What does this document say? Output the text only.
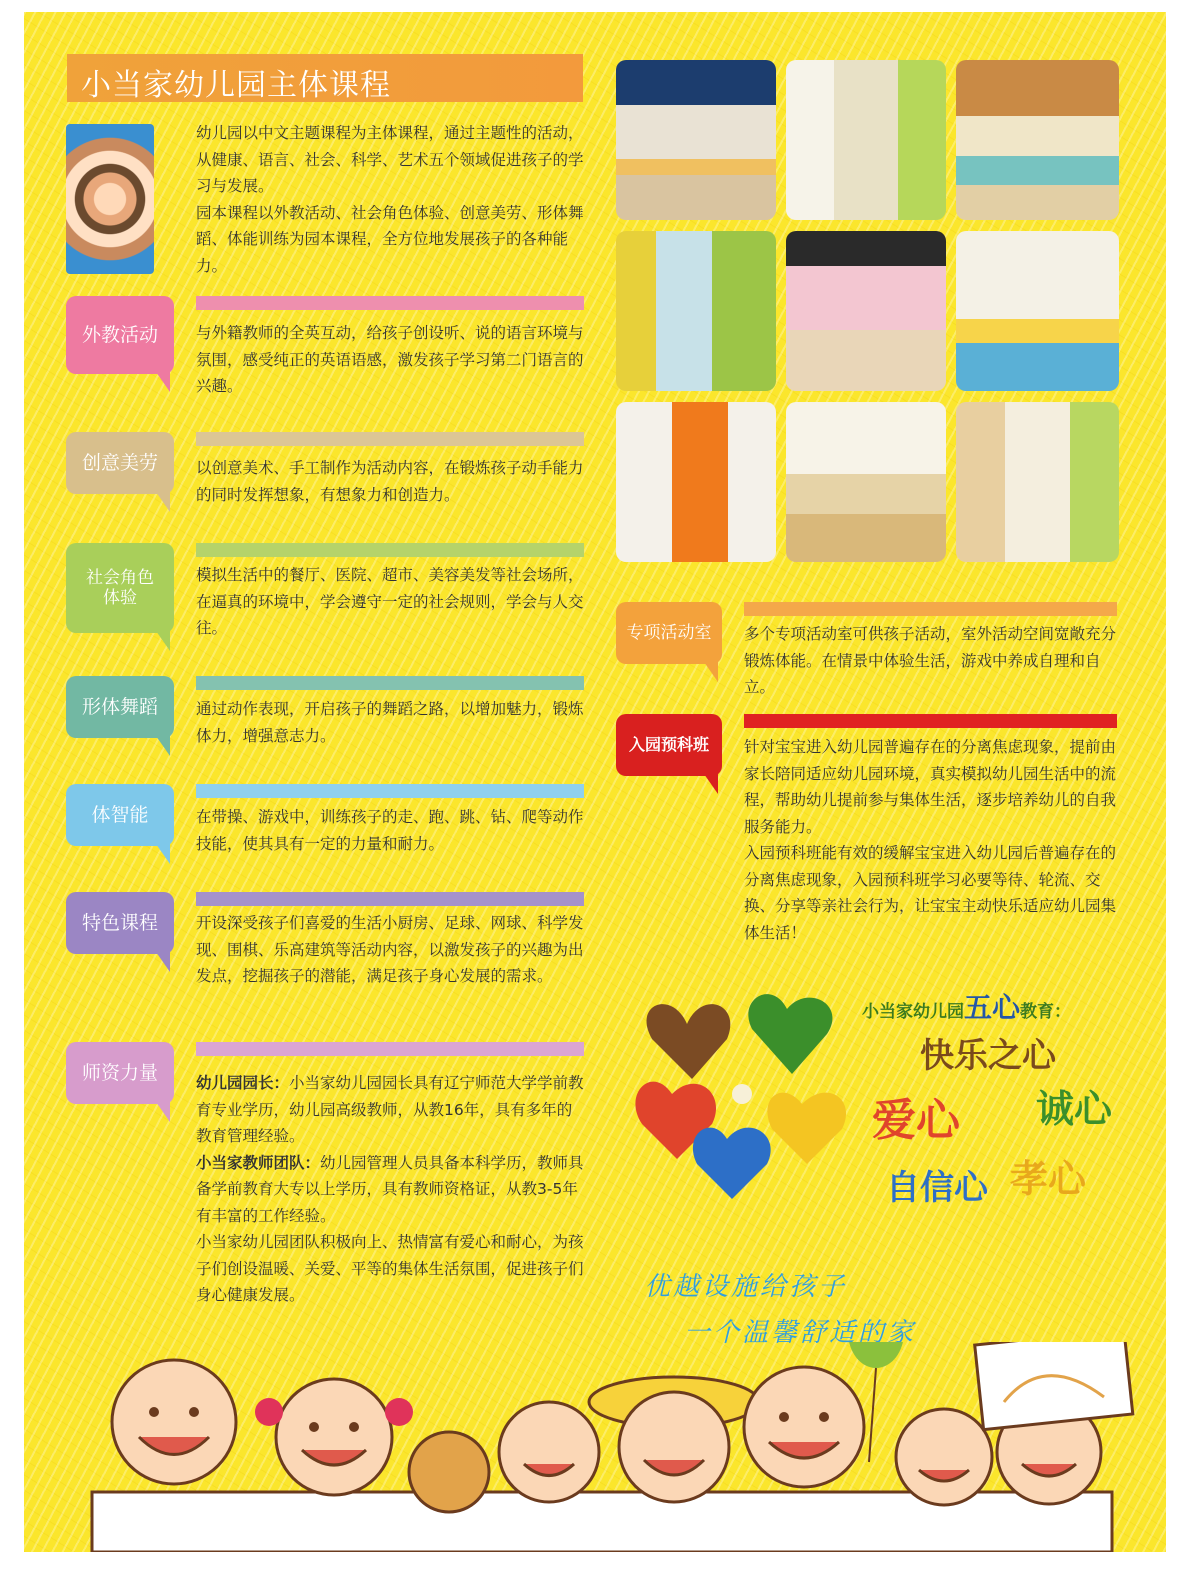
小当家幼儿园主体课程

幼儿园以中文主题课程为主体课程，通过主题性的活动，从健康、语言、社会、科学、艺术五个领域促进孩子的学习与发展。

园本课程以外教活动、社会角色体验、创意美劳、形体舞蹈、体能训练为园本课程，全方位地发展孩子的各种能力。

外教活动 与外籍教师的全英互动，给孩子创设听、说的语言环境与氛围，感受纯正的英语语感，激发孩子学习第二门语言的兴趣。
创意美劳 以创意美术、手工制作为活动内容，在锻炼孩子动手能力的同时发挥想象，有想象力和创造力。
社会角色体验
模拟生活中的餐厅、医院、超市、美容美发等社会场所，在逼真的环境中，学会遵守一定的社会规则，学会与人交往。
形体舞蹈 通过动作表现，开启孩子的舞蹈之路，以增加魅力，锻炼体力，增强意志力。
体智能	在带操、游戏中，训练孩子的走、跑、跳、钻、爬等动作技能，使其具有一定的力量和耐力。
特色课程 开设深受孩子们喜爱的生活小厨房、足球、网球、科学发现、围棋、乐高建筑等活动内容，以激发孩子的兴趣为出发点，挖掘孩子的潜能，满足孩子身心发展的需求。
师资力量 幼儿园园长：小当家幼儿园园长具有辽宁师范大学学前教育专业学历，幼儿园高级教师，从教16年，具有多年的教育管理经验。

小当家教师团队：幼儿园管理人员具备本科学历，教师具备学前教育大专以上学历，具有教师资格证，从教3-5年有丰富的工作经验。

小当家幼儿园团队积极向上、热情富有爱心和耐心，为孩子们创设温暖、关爱、平等的集体生活氛围，促进孩子们身心健康发展。

专项活动室 多个专项活动室可供孩子活动，室外活动空间宽敞充分锻炼体能。在情景中体验生活，游戏中养成自理和自立。
入园预科班 针对宝宝进入幼儿园普遍存在的分离焦虑现象，提前由家长陪同适应幼儿园环境，真实模拟幼儿园生活中的流程，帮助幼儿提前参与集体生活，逐步培养幼儿的自我服务能力。

入园预科班能有效的缓解宝宝进入幼儿园后普遍存在的分离焦虑现象，入园预科班学习必要等待、轮流、交换、分享等亲社会行为，让宝宝主动快乐适应幼儿园集体生活！

小当家幼儿园五心教育：
快乐之心
爱心 诚心
自信心 孝心
优越设施给孩子
一个温馨舒适的家
